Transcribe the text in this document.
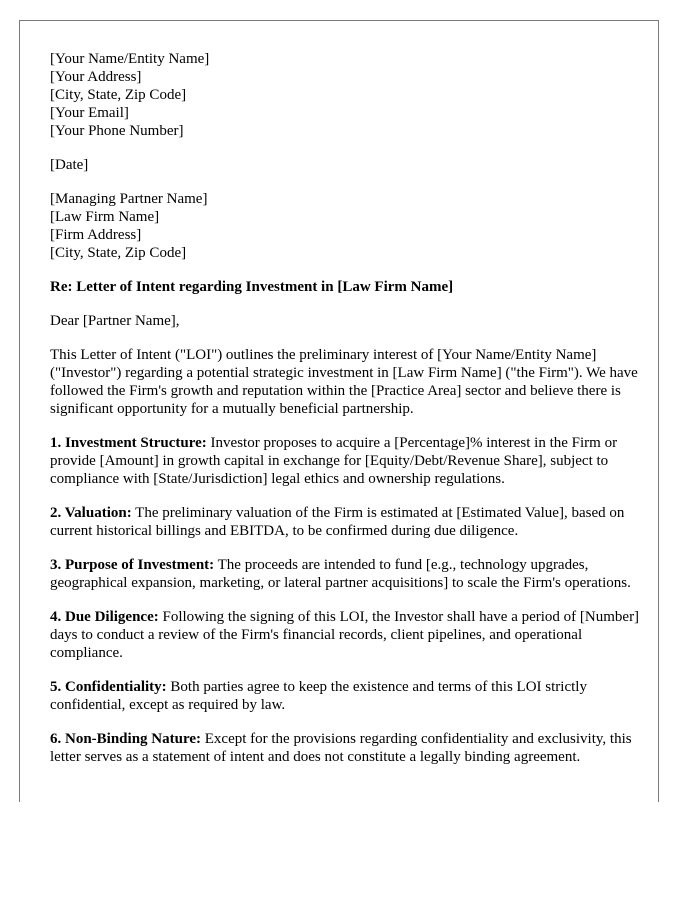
[Your Name/Entity Name]
[Your Address]
[City, State, Zip Code]
[Your Email]
[Your Phone Number]
[Date]
[Managing Partner Name]
[Law Firm Name]
[Firm Address]
[City, State, Zip Code]

Re: Letter of Intent regarding Investment in [Law Firm Name]

Dear [Partner Name],

This Letter of Intent ("LOI") outlines the preliminary interest of [Your Name/Entity Name] ("Investor") regarding a potential strategic investment in [Law Firm Name] ("the Firm"). We have followed the Firm's growth and reputation within the [Practice Area] sector and believe there is significant opportunity for a mutually beneficial partnership.

1. Investment Structure: Investor proposes to acquire a [Percentage]% interest in the Firm or provide [Amount] in growth capital in exchange for [Equity/Debt/Revenue Share], subject to compliance with [State/Jurisdiction] legal ethics and ownership regulations.

2. Valuation: The preliminary valuation of the Firm is estimated at [Estimated Value], based on current historical billings and EBITDA, to be confirmed during due diligence.

3. Purpose of Investment: The proceeds are intended to fund [e.g., technology upgrades, geographical expansion, marketing, or lateral partner acquisitions] to scale the Firm's operations.

4. Due Diligence: Following the signing of this LOI, the Investor shall have a period of [Number] days to conduct a review of the Firm's financial records, client pipelines, and operational compliance.

5. Confidentiality: Both parties agree to keep the existence and terms of this LOI strictly confidential, except as required by law.

6. Non-Binding Nature: Except for the provisions regarding confidentiality and exclusivity, this letter serves as a statement of intent and does not constitute a legally binding agreement.
